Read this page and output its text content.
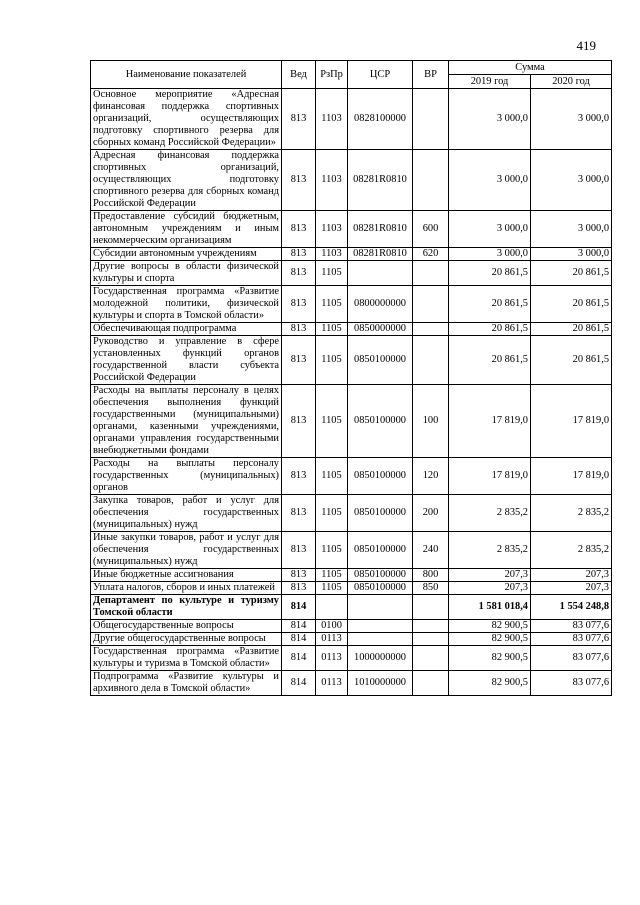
419
Наименование показателей	Вед	РзПр	ЦСР	ВР	Сумма	
					2019 год	2020 год
Основное мероприятие «Адресная финансовая поддержка спортивных организаций, осуществляющих подготовку спортивного резерва для сборных команд Российской Федерации»	813	1103	0828100000		3 000,0	3 000,0
Адресная финансовая поддержка спортивных организаций, осуществляющих подготовку спортивного резерва для сборных команд Российской Федерации	813	1103	08281R0810		3 000,0	3 000,0
Предоставление субсидий бюджетным, автономным учреждениям и иным некоммерческим организациям	813	1103	08281R0810	600	3 000,0	3 000,0
Субсидии автономным учреждениям	813	1103	08281R0810	620	3 000,0	3 000,0
Другие вопросы в области физической культуры и спорта	813	1105			20 861,5	20 861,5
Государственная программа «Развитие молодежной политики, физической культуры и спорта в Томской области»	813	1105	0800000000		20 861,5	20 861,5
Обеспечивающая подпрограмма	813	1105	0850000000		20 861,5	20 861,5
Руководство и управление в сфере установленных функций органов государственной власти субъекта Российской Федерации	813	1105	0850100000		20 861,5	20 861,5
Расходы на выплаты персоналу в целях обеспечения выполнения функций государственными (муниципальными) органами, казенными учреждениями, органами управления государственными внебюджетными фондами	813	1105	0850100000	100	17 819,0	17 819,0
Расходы на выплаты персоналу государственных (муниципальных) органов	813	1105	0850100000	120	17 819,0	17 819,0
Закупка товаров, работ и услуг для обеспечения государственных (муниципальных) нужд	813	1105	0850100000	200	2 835,2	2 835,2
Иные закупки товаров, работ и услуг для обеспечения государственных (муниципальных) нужд	813	1105	0850100000	240	2 835,2	2 835,2
Иные бюджетные ассигнования	813	1105	0850100000	800	207,3	207,3
Уплата налогов, сборов и иных платежей	813	1105	0850100000	850	207,3	207,3
Департамент по культуре и туризму Томской области	814				1 581 018,4	1 554 248,8
Общегосударственные вопросы	814	0100			82 900,5	83 077,6
Другие общегосударственные вопросы	814	0113			82 900,5	83 077,6
Государственная программа «Развитие культуры и туризма в Томской области»	814	0113	1000000000		82 900,5	83 077,6
Подпрограмма «Развитие культуры и архивного дела в Томской области»	814	0113	1010000000		82 900,5	83 077,6
